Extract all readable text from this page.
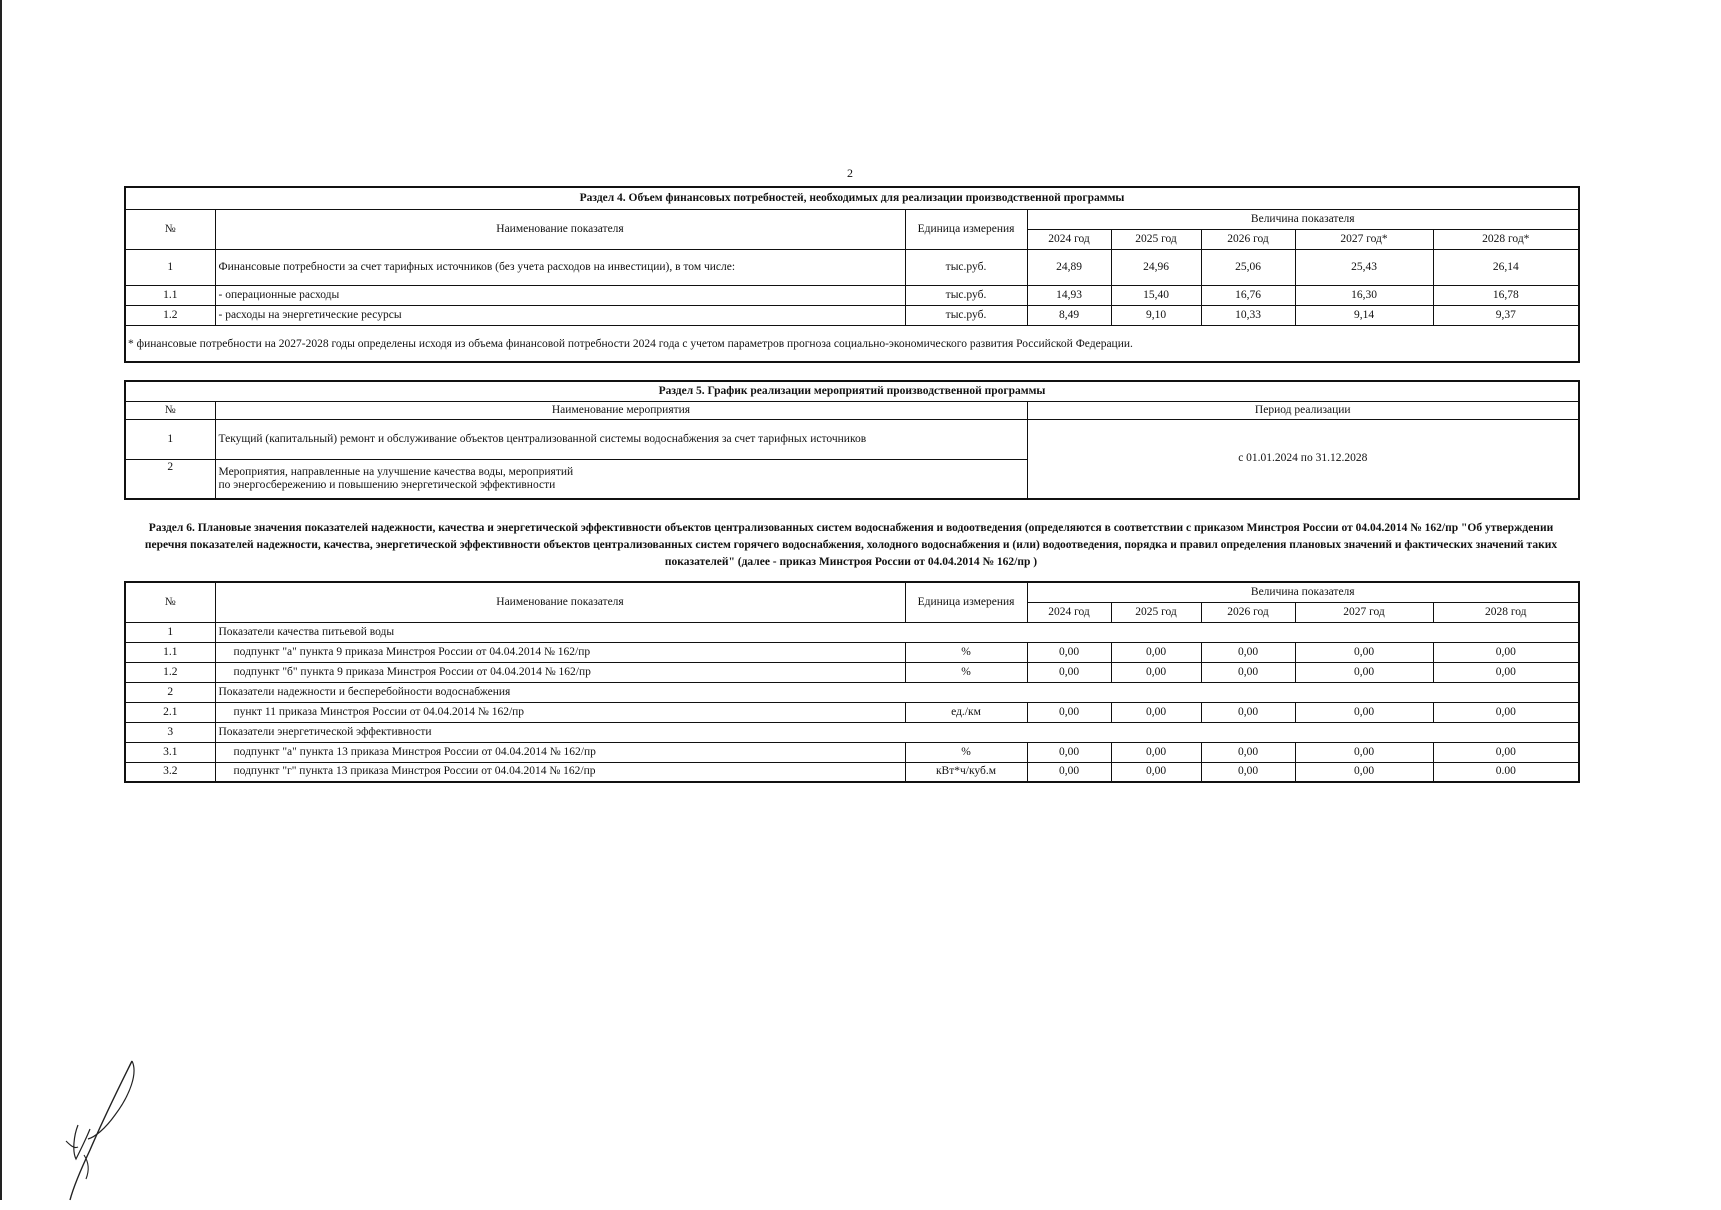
2
Раздел 4. Объем финансовых потребностей, необходимых для реализации производственной программы							
№	Наименование показателя	Единица измерения	Величина показателя				
			2024 год	2025 год	2026 год	2027 год*	2028 год*
1	Финансовые потребности за счет тарифных источников (без учета расходов на инвестиции), в том числе:	тыс.руб.	24,89	24,96	25,06	25,43	26,14
1.1	- операционные расходы	тыс.руб.	14,93	15,40	16,76	16,30	16,78
1.2	- расходы на энергетические ресурсы	тыс.руб.	8,49	9,10	10,33	9,14	9,37
* финансовые потребности на 2027-2028 годы определены исходя из объема финансовой потребности 2024 года с учетом параметров прогноза социально-экономического развития Российской Федерации.							
Раздел 5. График реализации мероприятий производственной программы		
№	Наименование мероприятия	Период реализации
1	Текущий (капитальный) ремонт и обслуживание объектов централизованной системы водоснабжения за счет тарифных источников	с 01.01.2024 по 31.12.2028
2	Мероприятия, направленные на улучшение качества воды, мероприятий
по энергосбережению и повышению энергетической эффективности	
Раздел 6. Плановые значения показателей надежности, качества и энергетической эффективности объектов централизованных систем водоснабжения и водоотведения (определяются в соответствии с приказом Минстроя России от 04.04.2014 № 162/пр "Об утверждении перечня показателей надежности, качества, энергетической эффективности объектов централизованных систем горячего водоснабжения, холодного водоснабжения и (или) водоотведения, порядка и правил определения плановых значений и фактических значений таких показателей" (далее - приказ Минстроя России от 04.04.2014 № 162/пр )
№	Наименование показателя	Единица измерения	Величина показателя				
			2024 год	2025 год	2026 год	2027 год	2028 год
1	Показатели качества питьевой воды						
1.1	подпункт "а" пункта 9 приказа Минстроя России от 04.04.2014 № 162/пр	%	0,00	0,00	0,00	0,00	0,00
1.2	подпункт "б" пункта 9 приказа Минстроя России от 04.04.2014 № 162/пр	%	0,00	0,00	0,00	0,00	0,00
2	Показатели надежности и бесперебойности водоснабжения						
2.1	пункт 11 приказа Минстроя России от 04.04.2014 № 162/пр	ед./км	0,00	0,00	0,00	0,00	0,00
3	Показатели энергетической эффективности						
3.1	подпункт "а" пункта 13 приказа Минстроя России от 04.04.2014 № 162/пр	%	0,00	0,00	0,00	0,00	0,00
3.2	подпункт "г" пункта 13 приказа Минстроя России от 04.04.2014 № 162/пр	кВт*ч/куб.м	0,00	0,00	0,00	0,00	0.00
